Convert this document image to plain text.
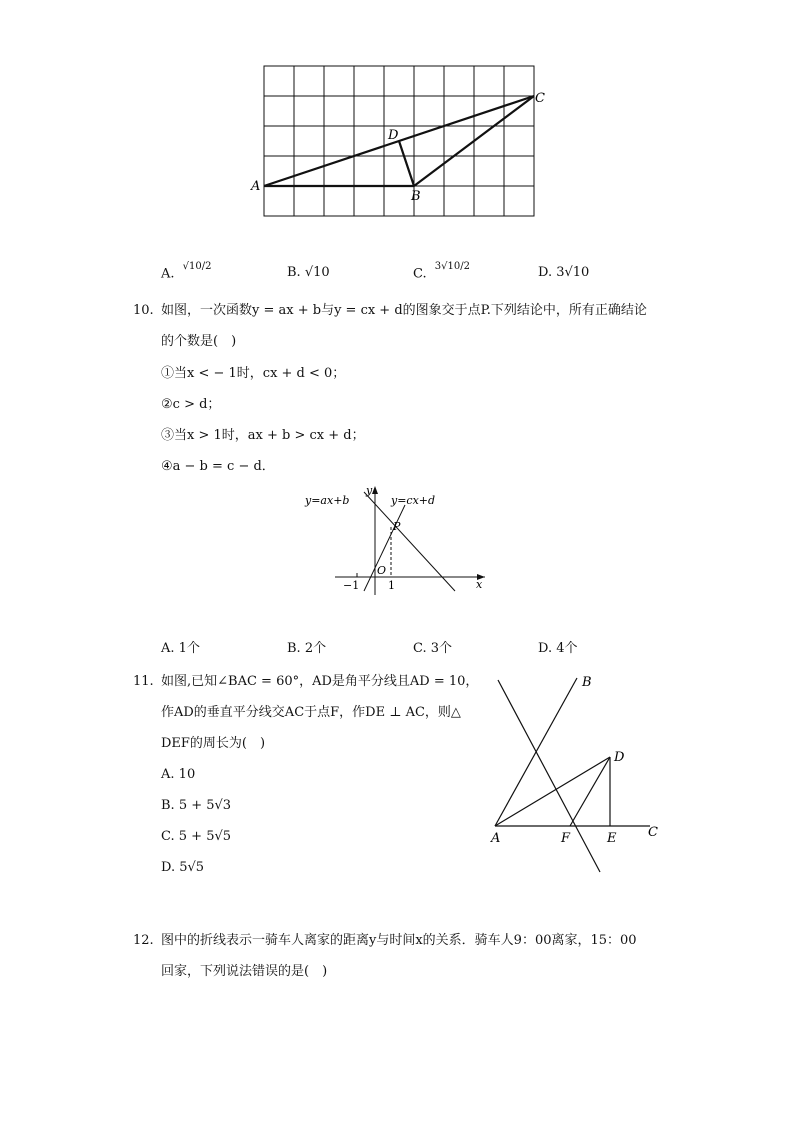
A
B
C
D
A. √10/2	B. √10	C. 3√10/2	D. 3√10
10. 如图，一次函数y = ax + b与y = cx + d的图象交于点P.下列结论中，所有正确结论
的个数是(　)
①当x < − 1时，cx + d < 0；
②c > d；
③当x > 1时，ax + b > cx + d；
④a − b = c − d．
y=ax+b	y=cx+d
y
x
O
P
−1	1
A. 1个	B. 2个	C. 3个	D. 4个
11. 如图,已知∠BAC = 60°，AD是角平分线且AD = 10，
作AD的垂直平分线交AC于点F，作DE ⊥ AC，则△
DEF的周长为(　)
A. 10
B. 5 + 5√3
C. 5 + 5√5
D. 5√5
A
B
C
D
E
F
12. 图中的折线表示一骑车人离家的距离y与时间x的关系．骑车人9：00离家，15：00
回家，下列说法错误的是(　)
